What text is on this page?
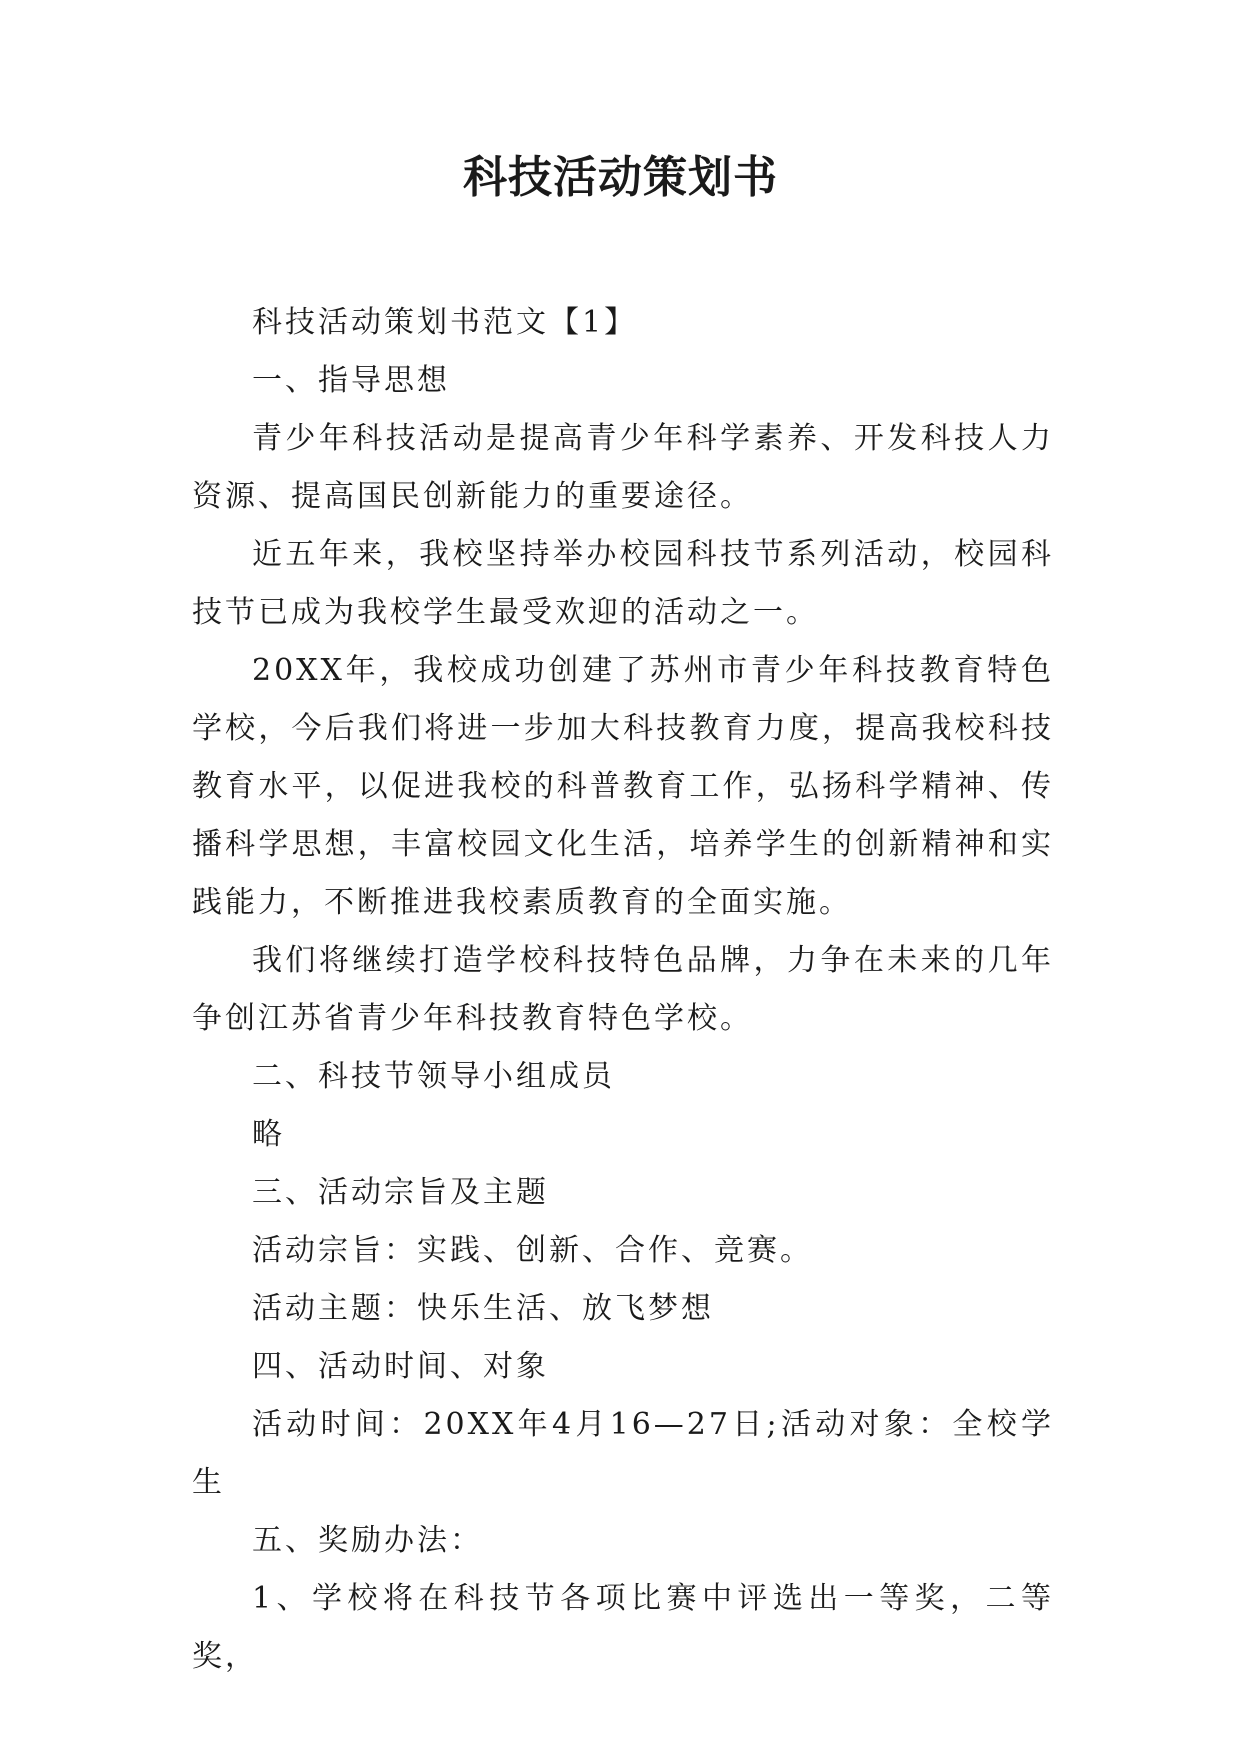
科技活动策划书

科技活动策划书范文【1】

一、指导思想

青少年科技活动是提高青少年科学素养、开发科技人力资源、提高国民创新能力的重要途径。

近五年来，我校坚持举办校园科技节系列活动，校园科技节已成为我校学生最受欢迎的活动之一。

20XX年，我校成功创建了苏州市青少年科技教育特色学校，今后我们将进一步加大科技教育力度，提高我校科技教育水平，以促进我校的科普教育工作，弘扬科学精神、传播科学思想，丰富校园文化生活，培养学生的创新精神和实践能力，不断推进我校素质教育的全面实施。

我们将继续打造学校科技特色品牌，力争在未来的几年争创江苏省青少年科技教育特色学校。

二、科技节领导小组成员

略

三、活动宗旨及主题

活动宗旨：实践、创新、合作、竞赛。

活动主题：快乐生活、放飞梦想

四、活动时间、对象

活动时间：20XX年4月16—27日;活动对象：全校学生

五、奖励办法：

1、学校将在科技节各项比赛中评选出一等奖，二等奖，
